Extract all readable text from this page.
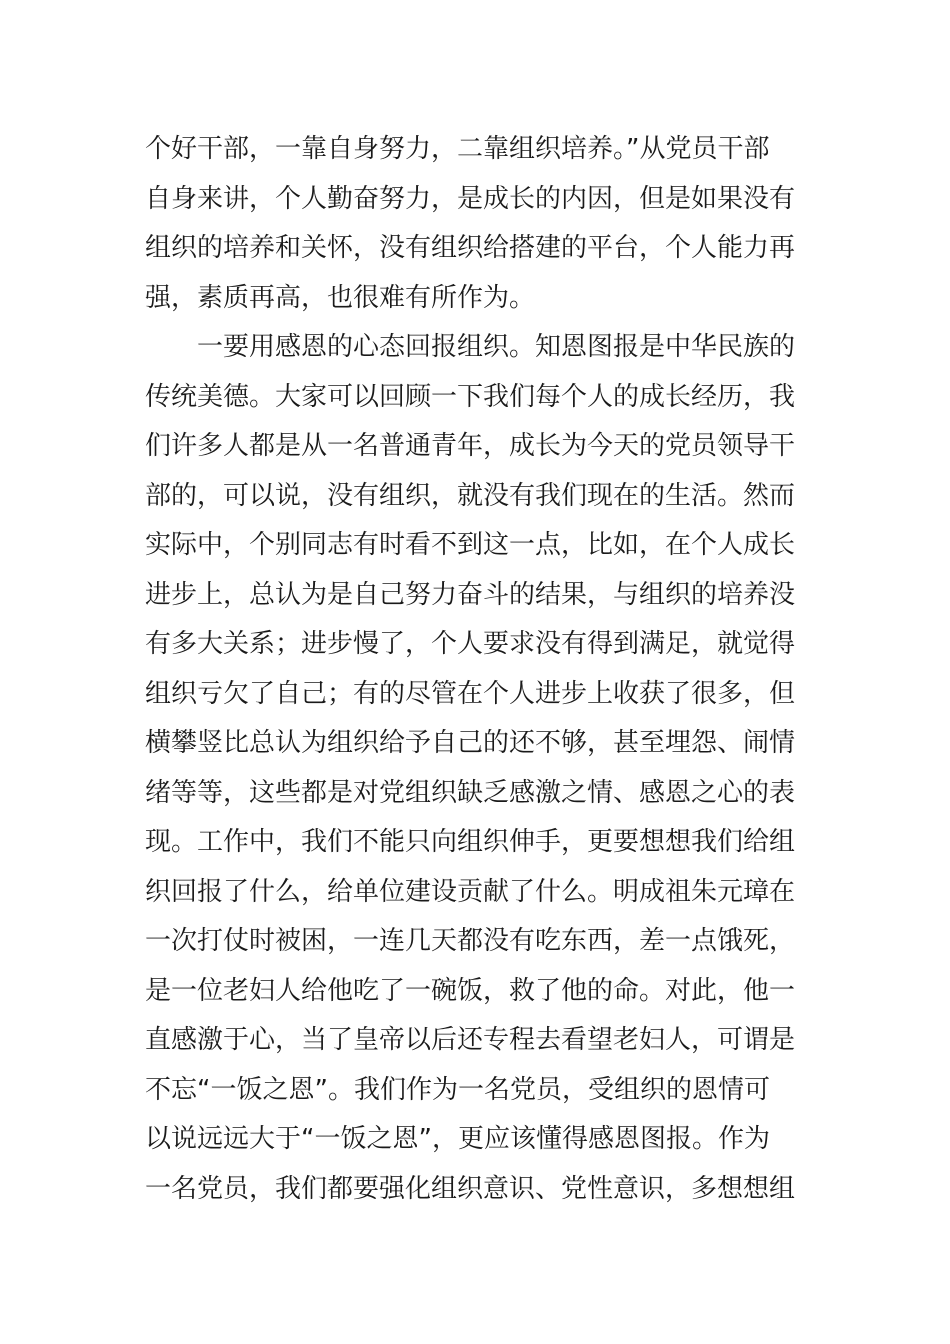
个好干部，一靠自身努力，二靠组织培养。”从党员干部
自身来讲，个人勤奋努力，是成长的内因，但是如果没有
组织的培养和关怀，没有组织给搭建的平台，个人能力再
强，素质再高，也很难有所作为。
一要用感恩的心态回报组织。知恩图报是中华民族的
传统美德。大家可以回顾一下我们每个人的成长经历，我
们许多人都是从一名普通青年，成长为今天的党员领导干
部的，可以说，没有组织，就没有我们现在的生活。然而
实际中，个别同志有时看不到这一点，比如，在个人成长
进步上，总认为是自己努力奋斗的结果，与组织的培养没
有多大关系；进步慢了，个人要求没有得到满足，就觉得
组织亏欠了自己；有的尽管在个人进步上收获了很多，但
横攀竖比总认为组织给予自己的还不够，甚至埋怨、闹情
绪等等，这些都是对党组织缺乏感激之情、感恩之心的表
现。工作中，我们不能只向组织伸手，更要想想我们给组
织回报了什么，给单位建设贡献了什么。明成祖朱元璋在
一次打仗时被困，一连几天都没有吃东西，差一点饿死，
是一位老妇人给他吃了一碗饭，救了他的命。对此，他一
直感激于心，当了皇帝以后还专程去看望老妇人，可谓是
不忘“一饭之恩”。我们作为一名党员，受组织的恩情可
以说远远大于“一饭之恩”，更应该懂得感恩图报。作为
一名党员，我们都要强化组织意识、党性意识，多想想组
